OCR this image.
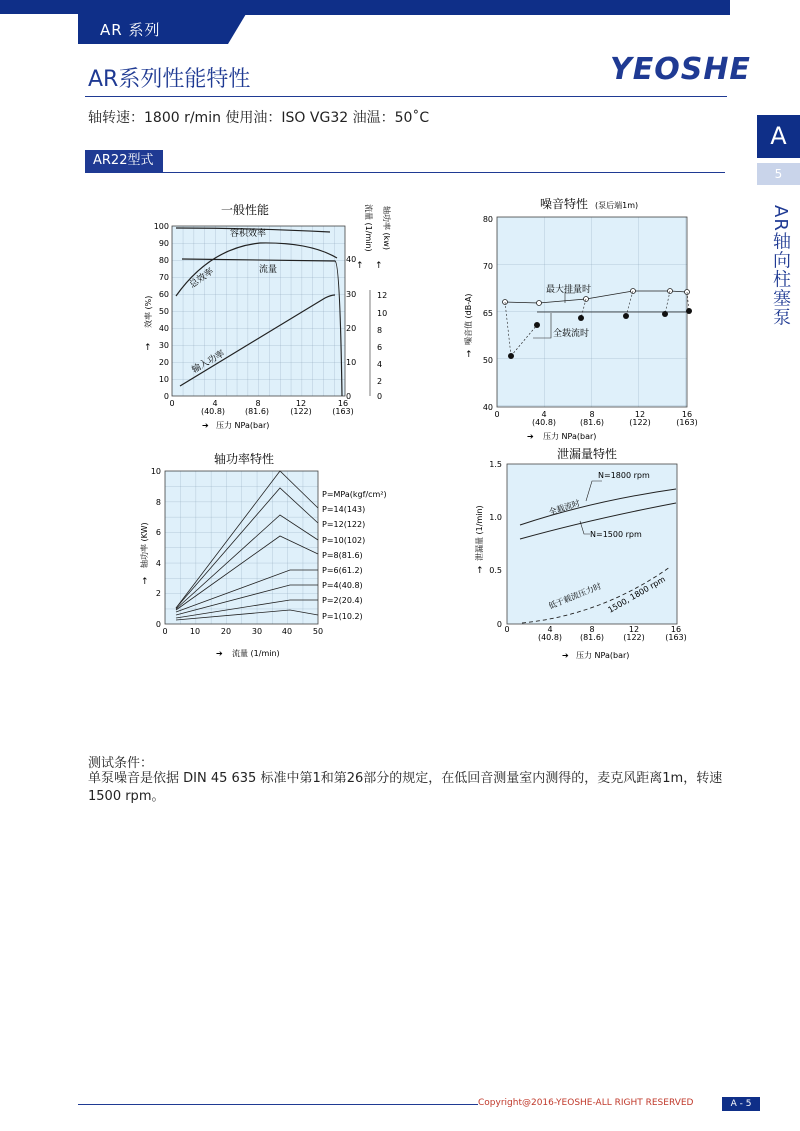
AR 系列
AR系列性能特性	YEOSHE
轴转速：1800 r/min 使用油：ISO VG32 油温：50˚C
A
5
AR轴向柱塞泵
AR22型式
一般性能
0
10
20
30
40
50
60
70
80
90
100
效率 (%)
↑
0
10
20
30
40
流量 (1/min)
↑
0
2
4
6
8
10
12
轴功率 (kw)
↑
0	4	8	12	16
(40.8) (81.6)	(122)	(163)
➔ 压力 NPa(bar)
容积效率
总效率	流量
输入功率
噪音特性 (泵后端1m)
40
50
65
70
80
噪音值 (dB-A)
↑
0	4	8	12	16
(40.8)	(81.6)	(122)	(163)
➔ 压力 NPa(bar)
最大排量时
全载流时
轴功率特性
0
2
4
6
8
10
轴功率 (KW)
↑
0	10	20	30 40	50
➔ 流量 (1/min)
P=MPa(kgf/cm²)
P=14(143)
P=12(122)
P=10(102)
P=8(81.6)
P=6(61.2)
P=4(40.8)
P=2(20.4)
P=1(10.2)
泄漏量特性
0
0.5
1.0
1.5
泄漏量 (1/min)
↑
0	4	8	12	16
(40.8) (81.6) (122)	(163)
➔ 压力 NPa(bar)
N=1800 rpm
全载流时
N=1500 rpm
低于载流压力时 1500, 1800 rpm
测试条件：
单泵噪音是依据 DIN 45 635 标准中第1和第26部分的规定，在低回音测量室内测得的，麦克风距离1m，转速1500 rpm。
Copyright@2016-YEOSHE-ALL RIGHT RESERVED	A - 5
